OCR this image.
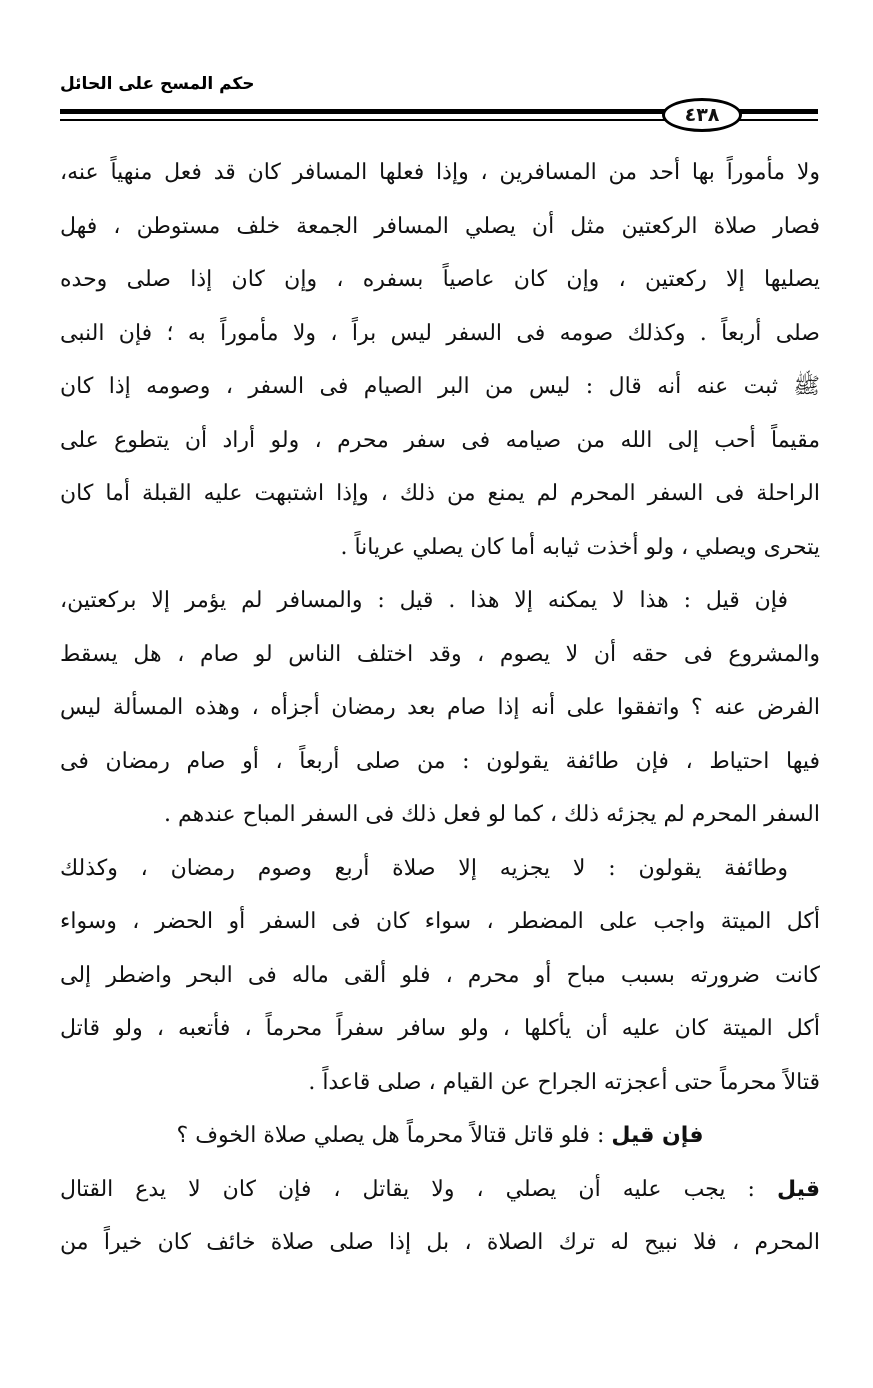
حكم المسح على الحائل
٤٣٨
ولا مأموراً بها أحد من المسافرين ، وإذا فعلها المسافر كان قد فعل منهياً عنه،
فصار صلاة الركعتين مثل أن يصلي المسافر الجمعة خلف مستوطن ، فهل
يصليها إلا ركعتين ، وإن كان عاصياً بسفره ، وإن كان إذا صلى وحده
صلى أربعاً . وكذلك صومه فى السفر ليس براً ، ولا مأموراً به ؛ فإن النبى
ﷺ ثبت عنه أنه قال : ليس من البر الصيام فى السفر ، وصومه إذا كان
مقيماً أحب إلى الله من صيامه فى سفر محرم ، ولو أراد أن يتطوع على
الراحلة فى السفر المحرم لم يمنع من ذلك ، وإذا اشتبهت عليه القبلة أما كان
يتحرى ويصلي ، ولو أخذت ثيابه أما كان يصلي عرياناً .
فإن قيل : هذا لا يمكنه إلا هذا . قيل : والمسافر لم يؤمر إلا بركعتين،
والمشروع فى حقه أن لا يصوم ، وقد اختلف الناس لو صام ، هل يسقط
الفرض عنه ؟ واتفقوا على أنه إذا صام بعد رمضان أجزأه ، وهذه المسألة ليس
فيها احتياط ، فإن طائفة يقولون : من صلى أربعاً ، أو صام رمضان فى
السفر المحرم لم يجزئه ذلك ، كما لو فعل ذلك فى السفر المباح عندهم .
وطائفة يقولون : لا يجزيه إلا صلاة أربع وصوم رمضان ، وكذلك
أكل الميتة واجب على المضطر ، سواء كان فى السفر أو الحضر ، وسواء
كانت ضرورته بسبب مباح أو محرم ، فلو ألقى ماله فى البحر واضطر إلى
أكل الميتة كان عليه أن يأكلها ، ولو سافر سفراً محرماً ، فأتعبه ، ولو قاتل
قتالاً محرماً حتى أعجزته الجراح عن القيام ، صلى قاعداً .
فإن قيل : فلو قاتل قتالاً محرماً هل يصلي صلاة الخوف ؟
قيل : يجب عليه أن يصلي ، ولا يقاتل ، فإن كان لا يدع القتال
المحرم ، فلا نبيح له ترك الصلاة ، بل إذا صلى صلاة خائف كان خيراً من
